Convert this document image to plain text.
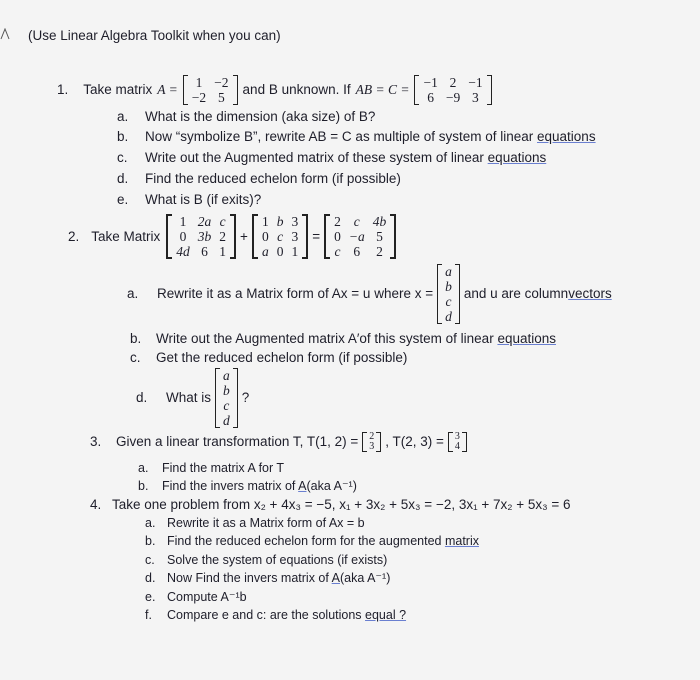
(Use Linear Algebra Toolkit when you can)
1. Take matrix A = 1	−2
−2	5
and B unknown. If AB = C = −1	2	−1
6	−9	3
a. What is the dimension (aka size) of B?
b. Now “symbolize B”, rewrite AB = C as multiple of system of linear equations
c. Write out the Augmented matrix of these system of linear equations
d. Find the reduced echelon form (if possible)
e. What is B (if exits)?
2. Take Matrix
1	2a	c
0	3b	2
4d	6	1
+
1	b	3
0	c	3
a	0	1
=
2	c	4b
0	−a	5
c	6	2
a.	Rewrite it as a Matrix form of Ax = u where x =
a
b
c
d
and u are column vectors
b. Write out the Augmented matrix A′of this system of linear equations
c. Get the reduced echelon form (if possible)
d.	What is
a
b
c
d
?
3.	Given a linear transformation T, T(1, 2) = 2
3 , T(2, 3) = 3
4
a. Find the matrix A for T
b. Find the invers matrix of A(aka A⁻¹)
4. Take one problem from x₂ + 4x₃ = −5, x₁ + 3x₂ + 5x₃ = −2, 3x₁ + 7x₂ + 5x₃ = 6
a. Rewrite it as a Matrix form of Ax = b
b. Find the reduced echelon form for the augmented matrix
c. Solve the system of equations (if exists)
d. Now Find the invers matrix of A(aka A⁻¹)
e. Compute A⁻¹b
f. Compare e and c: are the solutions equal ?
